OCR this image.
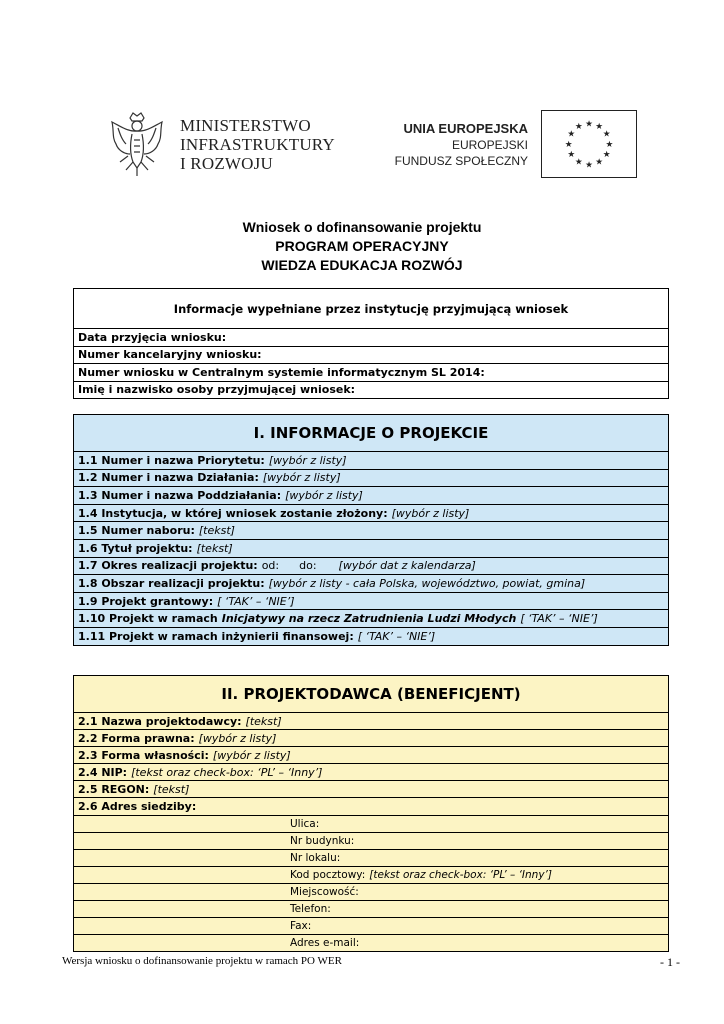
MINISTERSTWO
INFRASTRUKTURY
I ROZWOJU
UNIA EUROPEJSKA
EUROPEJSKI
FUNDUSZ SPOŁECZNY
★ ★
★
★
★
★
★
★
★
★
★
★
Wniosek o dofinansowanie projektu
PROGRAM OPERACYJNY
WIEDZA EDUKACJA ROZWÓJ
Informacje wypełniane przez instytucję przyjmującą wniosek
Data przyjęcia wniosku:
Numer kancelaryjny wniosku:
Numer wniosku w Centralnym systemie informatycznym SL 2014:
Imię i nazwisko osoby przyjmującej wniosek:
I. INFORMACJE O PROJEKCIE
1.1 Numer i nazwa Priorytetu: [wybór z listy]
1.2 Numer i nazwa Działania: [wybór z listy]
1.3 Numer i nazwa Poddziałania: [wybór z listy]
1.4 Instytucja, w której wniosek zostanie złożony: [wybór z listy]
1.5 Numer naboru: [tekst]
1.6 Tytuł projektu: [tekst]
1.7 Okres realizacji projektu: od: do: [wybór dat z kalendarza]
1.8 Obszar realizacji projektu: [wybór z listy - cała Polska, województwo, powiat, gmina]
1.9 Projekt grantowy: [ ‘TAK’ – ‘NIE’]
1.10 Projekt w ramach Inicjatywy na rzecz Zatrudnienia Ludzi Młodych [ ‘TAK’ – ‘NIE’]
1.11 Projekt w ramach inżynierii finansowej: [ ‘TAK’ – ‘NIE’]
II. PROJEKTODAWCA (BENEFICJENT)
2.1 Nazwa projektodawcy: [tekst]
2.2 Forma prawna: [wybór z listy]
2.3 Forma własności: [wybór z listy]
2.4 NIP: [tekst oraz check-box: ‘PL’ – ‘Inny’]
2.5 REGON: [tekst]
2.6 Adres siedziby:
Ulica:
Nr budynku:
Nr lokalu:
Kod pocztowy: [tekst oraz check-box: ‘PL’ – ‘Inny’]
Miejscowość:
Telefon:
Fax:
Adres e-mail:
Wersja wniosku o dofinansowanie projektu w ramach PO WER	- 1 -
